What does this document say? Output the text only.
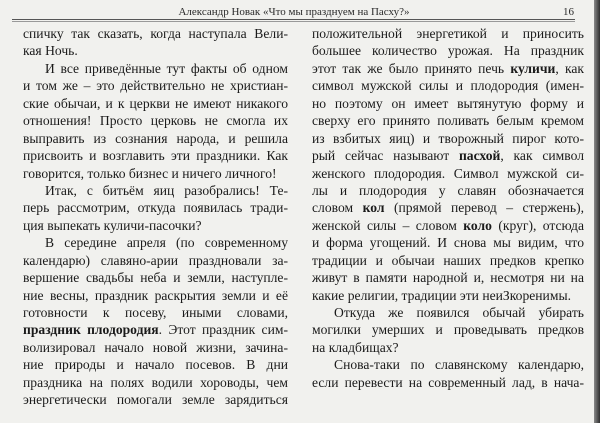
Александр Новак «Что мы празднуем на Пасху?»	16
спичку так сказать, когда наступала Вели-
кая Ночь.
И все приведённые тут факты об одном
и том же – это действительно не христиан-
ские обычаи, и к церкви не имеют никакого
отношения! Просто церковь не смогла их
выправить из сознания народа, и решила
присвоить и возглавить эти праздники. Как
говорится, только бизнес и ничего личного!
Итак, с битьём яиц разобрались! Те-
перь рассмотрим, откуда появилась тради-
ция выпекать куличи-пасочки?
В середине апреля (по современному
календарю) славяно-арии праздновали за-
вершение свадьбы неба и земли, наступле-
ние весны, праздник раскрытия земли и её
готовности к посеву, иными словами,
праздник плодородия. Этот праздник сим-
волизировал начало новой жизни, зачина-
ние природы и начало посевов. В дни
праздника на полях водили хороводы, чем
энергетически помогали земле зарядиться
положительной энергетикой и приносить
большее количество урожая. На праздник
этот так же было принято печь куличи, как
символ мужской силы и плодородия (имен-
но поэтому он имеет вытянутую форму и
сверху его принято поливать белым кремом
из взбитых яиц) и творожный пирог кото-
рый сейчас называют пасхой, как символ
женского плодородия. Символ мужской си-
лы и плодородия у славян обозначается
словом кол (прямой перевод – стержень),
женской силы – словом коло (круг), отсюда
и форма угощений. И снова мы видим, что
традиции и обычаи наших предков крепко
живут в памяти народной и, несмотря ни на
какие религии, традиции эти неиЗкоренимы.
Откуда же появился обычай убирать
могилки умерших и проведывать предков
на кладбищах?
Снова-таки по славянскому календарю,
если перевести на современный лад, в нача-
